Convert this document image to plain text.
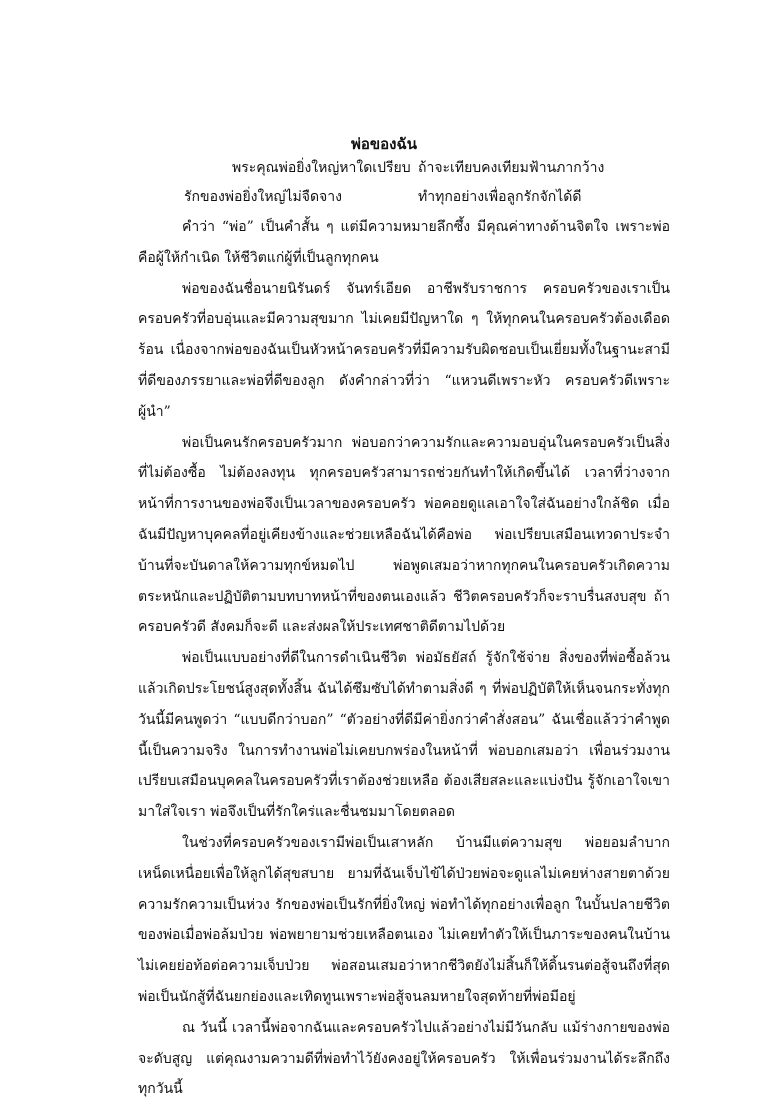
พ่อของฉัน
พระคุณพ่อยิ่งใหญ่หาใดเปรียบ ถ้าจะเทียบคงเทียมฟ้านภากว้าง
รักของพ่อยิ่งใหญ่ไม่จืดจาง	ทำทุกอย่างเพื่อลูกรักจักได้ดี

คำว่า “พ่อ” เป็นคำสั้น ๆ แต่มีความหมายลึกซึ้ง มีคุณค่าทางด้านจิตใจ เพราะพ่อคือผู้ให้กำเนิด ให้ชีวิตแก่ผู้ที่เป็นลูกทุกคน

พ่อของฉันชื่อนายนิรันดร์ จันทร์เอียด อาชีพรับราชการ ครอบครัวของเราเป็นครอบครัวที่อบอุ่นและมีความสุขมาก ไม่เคยมีปัญหาใด ๆ ให้ทุกคนในครอบครัวต้องเดือดร้อน เนื่องจากพ่อของฉันเป็นหัวหน้าครอบครัวที่มีความรับผิดชอบเป็นเยี่ยมทั้งในฐานะสามีที่ดีของภรรยาและพ่อที่ดีของลูก ดังคำกล่าวที่ว่า “แหวนดีเพราะหัว ครอบครัวดีเพราะผู้นำ”

พ่อเป็นคนรักครอบครัวมาก พ่อบอกว่าความรักและความอบอุ่นในครอบครัวเป็นสิ่งที่ไม่ต้องซื้อ ไม่ต้องลงทุน ทุกครอบครัวสามารถช่วยกันทำให้เกิดขึ้นได้ เวลาที่ว่างจากหน้าที่การงานของพ่อจึงเป็นเวลาของครอบครัว พ่อคอยดูแลเอาใจใส่ฉันอย่างใกล้ชิด เมื่อฉันมีปัญหาบุคคลที่อยู่เคียงข้างและช่วยเหลือฉันได้คือพ่อ พ่อเปรียบเสมือนเทวดาประจำบ้านที่จะบันดาลให้ความทุกข์หมดไป พ่อพูดเสมอว่าหากทุกคนในครอบครัวเกิดความตระหนักและปฏิบัติตามบทบาทหน้าที่ของตนเองแล้ว ชีวิตครอบครัวก็จะราบรื่นสงบสุข ถ้าครอบครัวดี สังคมก็จะดี และส่งผลให้ประเทศชาติดีตามไปด้วย

พ่อเป็นแบบอย่างที่ดีในการดำเนินชีวิต พ่อมัธยัสถ์ รู้จักใช้จ่าย สิ่งของที่พ่อซื้อล้วนแล้วเกิดประโยชน์สูงสุดทั้งสิ้น ฉันได้ซึมซับได้ทำตามสิ่งดี ๆ ที่พ่อปฏิบัติให้เห็นจนกระทั่งทุกวันนี้มีคนพูดว่า “แบบดีกว่าบอก” “ตัวอย่างที่ดีมีค่ายิ่งกว่าคำสั่งสอน” ฉันเชื่อแล้วว่าคำพูดนี้เป็นความจริง ในการทำงานพ่อไม่เคยบกพร่องในหน้าที่ พ่อบอกเสมอว่า เพื่อนร่วมงานเปรียบเสมือนบุคคลในครอบครัวที่เราต้องช่วยเหลือ ต้องเสียสละและแบ่งปัน รู้จักเอาใจเขามาใส่ใจเรา พ่อจึงเป็นที่รักใคร่และชื่นชมมาโดยตลอด

ในช่วงที่ครอบครัวของเรามีพ่อเป็นเสาหลัก บ้านมีแต่ความสุข พ่อยอมลำบากเหน็ดเหนื่อยเพื่อให้ลูกได้สุขสบาย ยามที่ฉันเจ็บไข้ได้ป่วยพ่อจะดูแลไม่เคยห่างสายตาด้วยความรักความเป็นห่วง รักของพ่อเป็นรักที่ยิ่งใหญ่ พ่อทำได้ทุกอย่างเพื่อลูก ในบั้นปลายชีวิตของพ่อเมื่อพ่อล้มป่วย พ่อพยายามช่วยเหลือตนเอง ไม่เคยทำตัวให้เป็นภาระของคนในบ้าน ไม่เคยย่อท้อต่อความเจ็บป่วย พ่อสอนเสมอว่าหากชีวิตยังไม่สิ้นก็ให้ดิ้นรนต่อสู้จนถึงที่สุด พ่อเป็นนักสู้ที่ฉันยกย่องและเทิดทูนเพราะพ่อสู้จนลมหายใจสุดท้ายที่พ่อมีอยู่

ณ วันนี้ เวลานี้พ่อจากฉันและครอบครัวไปแล้วอย่างไม่มีวันกลับ แม้ร่างกายของพ่อจะดับสูญ แต่คุณงามความดีที่พ่อทำไว้ยังคงอยู่ให้ครอบครัว ให้เพื่อนร่วมงานได้ระลึกถึง ทุกวันนี้
